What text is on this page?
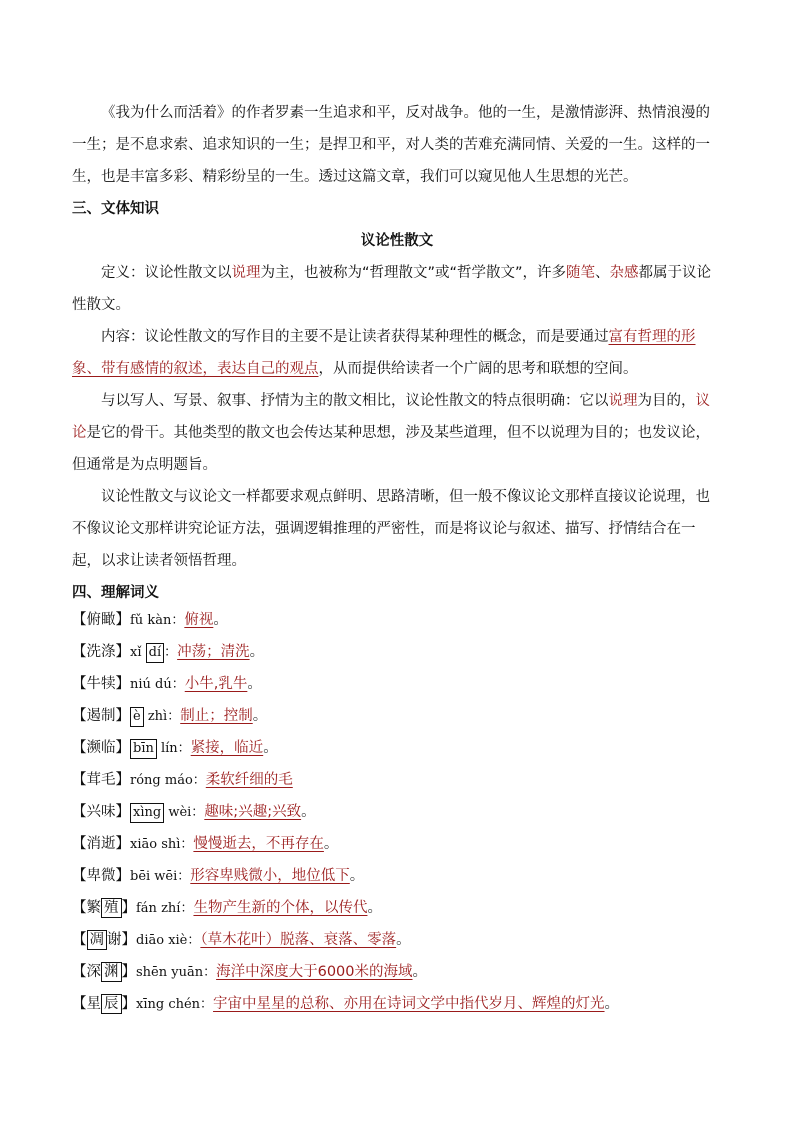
《我为什么而活着》的作者罗素一生追求和平，反对战争。他的一生，是激情澎湃、热情浪漫的一生；是不息求索、追求知识的一生；是捍卫和平，对人类的苦难充满同情、关爱的一生。这样的一生，也是丰富多彩、精彩纷呈的一生。透过这篇文章，我们可以窥见他人生思想的光芒。

三、文体知识

议论性散文

定义：议论性散文以说理为主，也被称为“哲理散文”或“哲学散文”，许多随笔、杂感都属于议论性散文。

内容：议论性散文的写作目的主要不是让读者获得某种理性的概念，而是要通过富有哲理的形象、带有感情的叙述，表达自己的观点，从而提供给读者一个广阔的思考和联想的空间。

与以写人、写景、叙事、抒情为主的散文相比，议论性散文的特点很明确：它以说理为目的，议论是它的骨干。其他类型的散文也会传达某种思想，涉及某些道理，但不以说理为目的；也发议论，但通常是为点明题旨。

议论性散文与议论文一样都要求观点鲜明、思路清晰，但一般不像议论文那样直接议论说理，也不像议论文那样讲究论证方法，强调逻辑推理的严密性，而是将议论与叙述、描写、抒情结合在一起，以求让读者领悟哲理。

四、理解词义

【俯瞰】fǔ kàn：俯视。
【洗涤】xǐ dí ：冲荡；清洗。
【牛犊】niú dú：小牛,乳牛。
【遏制】 è zhì：制止；控制。
【濒临】 bīn lín：紧接，临近。
【茸毛】róng máo：柔软纤细的毛
【兴味】 xìng wèi：趣味;兴趣;兴致。
【消逝】xiāo shì：慢慢逝去，不再存在。
【卑微】bēi wēi：形容卑贱微小，地位低下。
【繁 殖 】fán zhí：生物产生新的个体，以传代。
【 凋 谢】diāo xiè：（草木花叶）脱落、衰落、零落。
【深 渊 】shēn yuān：海洋中深度大于6000米的海域。
【星 辰 】xīng chén：宇宙中星星的总称、亦用在诗词文学中指代岁月、辉煌的灯光。
